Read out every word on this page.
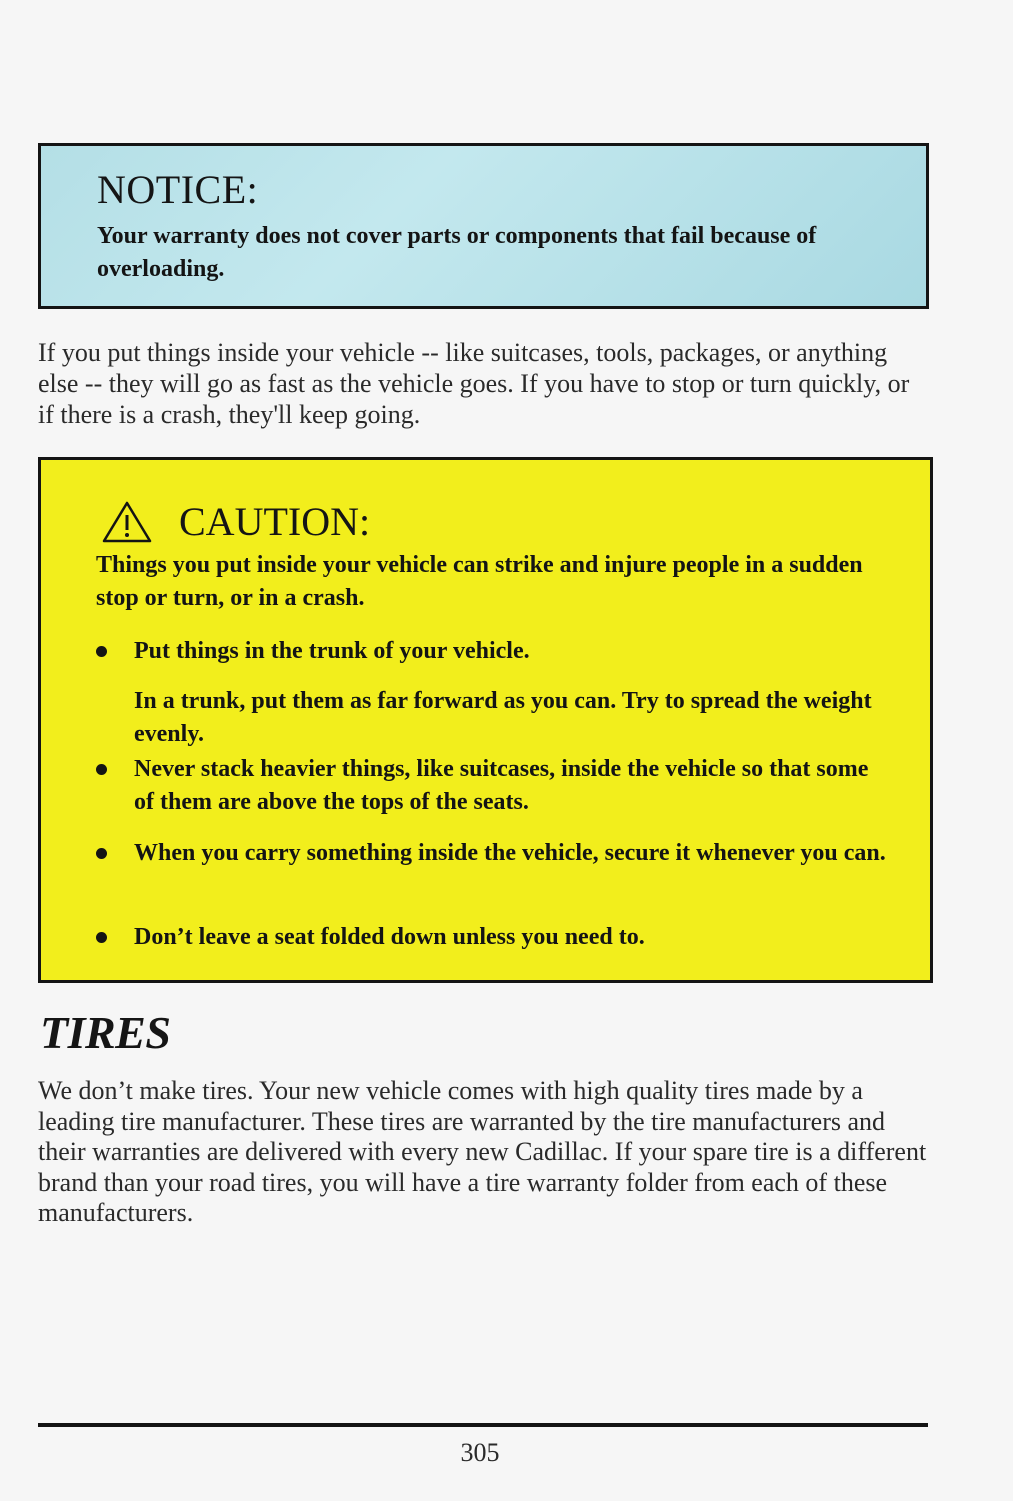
NOTICE:
Your warranty does not cover parts or components that fail because of overloading.
If you put things inside your vehicle -- like suitcases, tools, packages, or anything else -- they will go as fast as the vehicle goes. If you have to stop or turn quickly, or if there is a crash, they'll keep going.
CAUTION:
Things you put inside your vehicle can strike and injure people in a sudden stop or turn, or in a crash.
Put things in the trunk of your vehicle.
In a trunk, put them as far forward as you can. Try to spread the weight evenly.
Never stack heavier things, like suitcases, inside the vehicle so that some of them are above the tops of the seats.
When you carry something inside the vehicle, secure it whenever you can.
Don’t leave a seat folded down unless you need to.
TIRES
We don’t make tires. Your new vehicle comes with high quality tires made by a leading tire manufacturer. These tires are warranted by the tire manufacturers and their warranties are delivered with every new Cadillac. If your spare tire is a different brand than your road tires, you will have a tire warranty folder from each of these manufacturers.
305
